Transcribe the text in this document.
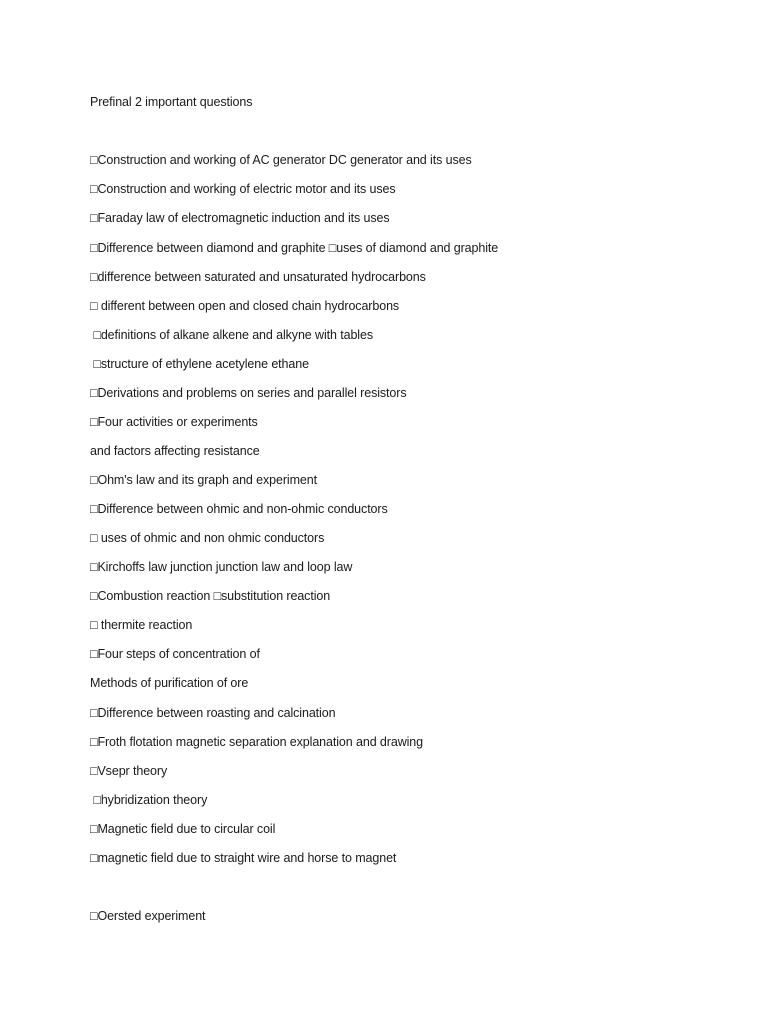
Prefinal 2 important questions
□Construction and working of AC generator DC generator and its uses
□Construction and working of electric motor and its uses
□Faraday law of electromagnetic induction and its uses
□Difference between diamond and graphite □uses of diamond and graphite
□difference between saturated and unsaturated hydrocarbons
□ different between open and closed chain hydrocarbons
□definitions of alkane alkene and alkyne with tables
□structure of ethylene acetylene ethane
□Derivations and problems on series and parallel resistors
□Four activities or experiments
and factors affecting resistance
□Ohm's law and its graph and experiment
□Difference between ohmic and non-ohmic conductors
□ uses of ohmic and non ohmic conductors
□Kirchoffs law junction junction law and loop law
□Combustion reaction □substitution reaction
□ thermite reaction
□Four steps of concentration of
Methods of purification of ore
□Difference between roasting and calcination
□Froth flotation magnetic separation explanation and drawing
□Vsepr theory
□hybridization theory
□Magnetic field due to circular coil
□magnetic field due to straight wire and horse to magnet
□Oersted experiment
